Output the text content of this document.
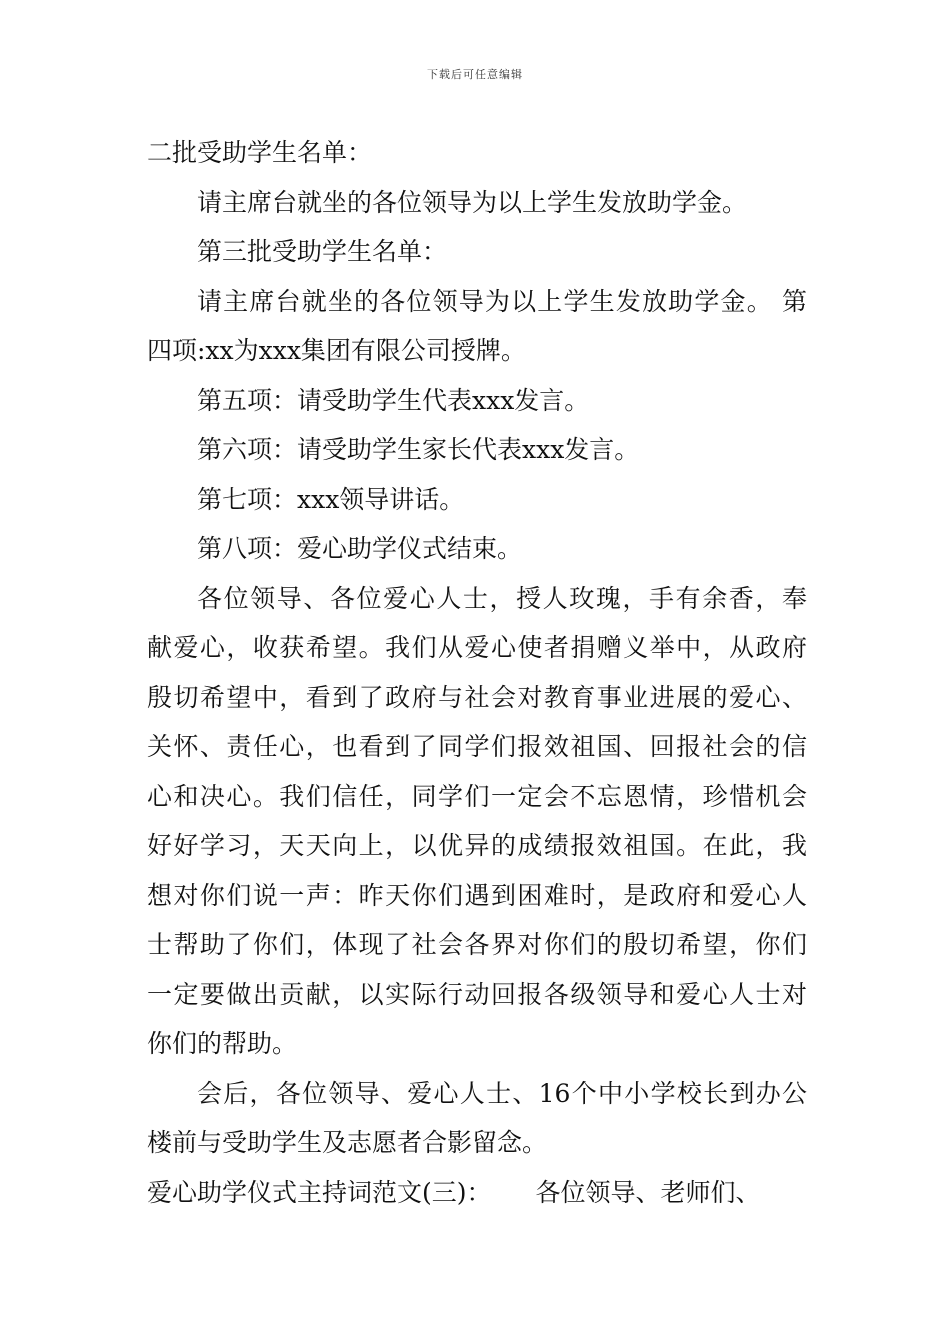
下载后可任意编辑
二批受助学生名单：
请主席台就坐的各位领导为以上学生发放助学金。
第三批受助学生名单：
请主席台就坐的各位领导为以上学生发放助学金。 第
四项:xx为xxx集团有限公司授牌。
第五项：请受助学生代表xxx发言。
第六项：请受助学生家长代表xxx发言。
第七项：xxx领导讲话。
第八项：爱心助学仪式结束。
各位领导、各位爱心人士，授人玫瑰，手有余香，奉
献爱心，收获希望。我们从爱心使者捐赠义举中，从政府
殷切希望中，看到了政府与社会对教育事业进展的爱心、
关怀、责任心，也看到了同学们报效祖国、回报社会的信
心和决心。我们信任，同学们一定会不忘恩情，珍惜机会
好好学习，天天向上，以优异的成绩报效祖国。在此，我
想对你们说一声：昨天你们遇到困难时，是政府和爱心人
士帮助了你们，体现了社会各界对你们的殷切希望，你们
一定要做出贡献，以实际行动回报各级领导和爱心人士对
你们的帮助。
会后，各位领导、爱心人士、16个中小学校长到办公
楼前与受助学生及志愿者合影留念。
爱心助学仪式主持词范文(三)： 各位领导、老师们、
